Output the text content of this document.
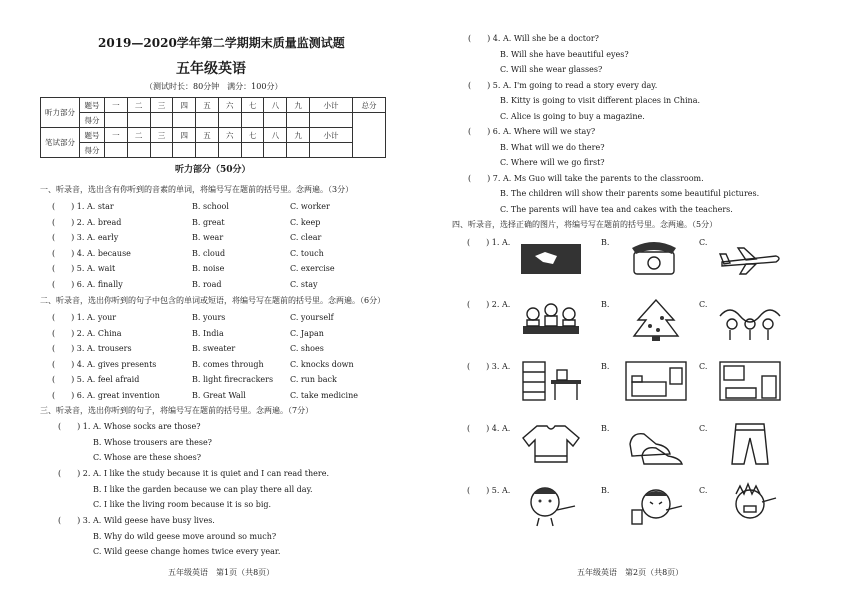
2019—2020学年第二学期期末质量监测试题
五年级英语
（测试时长：80分钟　满分：100分）
听力部分	题号	一	二	三	四	五	六	七	八	九	小计	总分
	得分											
笔试部分	题号	一	二	三	四	五	六	七	八	九	小计	
	得分											
听力部分（50分）
一、听录音，选出含有你听到的音素的单词，将编号写在题前的括号里。念两遍。（3分）
(　　) 1. A. star	B. school	C. worker
(　　) 2. A. bread	B. great	C. keep
(　　) 3. A. early	B. wear	C. clear
(　　) 4. A. because	B. cloud	C. touch
(　　) 5. A. wait	B. noise	C. exercise
(　　) 6. A. finally	B. road	C. stay
二、听录音，选出你听到的句子中包含的单词或短语，将编号写在题前的括号里。念两遍。（6分）
(　　) 1. A. your	B. yours	C. yourself
(　　) 2. A. China	B. India	C. Japan
(　　) 3. A. trousers	B. sweater	C. shoes
(　　) 4. A. gives presents	B. comes through	C. knocks down
(　　) 5. A. feel afraid	B. light firecrackers C. run back
(　　) 6. A. great invention	B. Great Wall	C. take medicine
三、听录音，选出你听到的句子，将编号写在题前的括号里。念两遍。（7分）
(　　) 1. A. Whose socks are those?
B. Whose trousers are these?
C. Whose are these shoes?
(　　) 2. A. I like the study because it is quiet and I can read there.
B. I like the garden because we can play there all day.
C. I like the living room because it is so big.
(　　) 3. A. Wild geese have busy lives.
B. Why do wild geese move around so much?
C. Wild geese change homes twice every year.
五年级英语　第1页（共8页）
(　　) 4. A. Will she be a doctor?
B. Will she have beautiful eyes?
C. Will she wear glasses?
(　　) 5. A. I'm going to read a story every day.
B. Kitty is going to visit different places in China.
C. Alice is going to buy a magazine.
(　　) 6. A. Where will we stay?
B. What will we do there?
C. Where will we go first?
(　　) 7. A. Ms Guo will take the parents to the classroom.
B. The children will show their parents some beautiful pictures.
C. The parents will have tea and cakes with the teachers.
四、听录音，选择正确的图片，将编号写在题前的括号里。念两遍。（5分）
(　　) 1. A.	B.	C.
(　　) 2. A.	B.	C.
(　　) 3. A.	B.	C.
(　　) 4. A.	B.	C.
(　　) 5. A.	B.	C.
五年级英语　第2页（共8页）
